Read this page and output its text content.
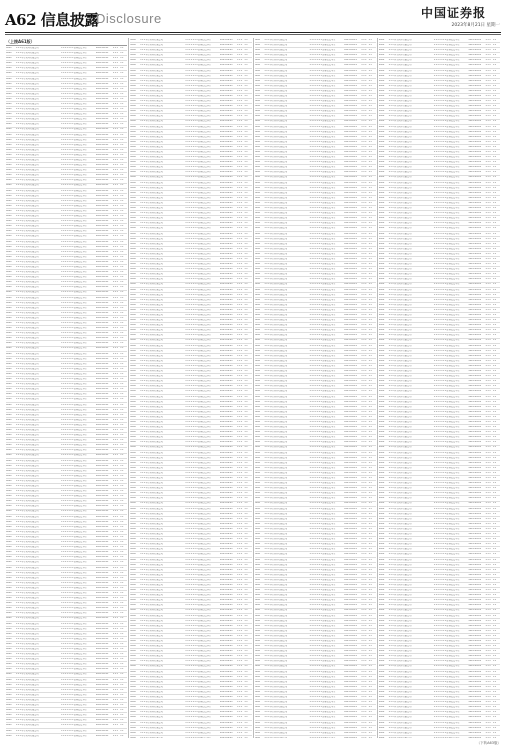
A62 信息披露
Disclosure	中国证券报
2023年8月21日 星期一
（上接A61版）
0000	×××基金管理有限公司	×××××××证券投资基金	2023-08-21	××× ××
0000	×××基金管理有限公司	×××××××证券投资基金	2023-08-21	××× ××
0000	×××基金管理有限公司	×××××××证券投资基金	2023-08-21	××× ××
0000	×××基金管理有限公司	×××××××证券投资基金	2023-08-21	××× ××
0000	×××基金管理有限公司	×××××××证券投资基金	2023-08-21	××× ××
0000	×××基金管理有限公司	×××××××证券投资基金	2023-08-21	××× ××
0000	×××基金管理有限公司	×××××××证券投资基金	2023-08-21	××× ××
0000	×××基金管理有限公司	×××××××证券投资基金	2023-08-21	××× ××
0000	×××基金管理有限公司	×××××××证券投资基金	2023-08-21	××× ××
0000	×××基金管理有限公司	×××××××证券投资基金	2023-08-21	××× ××
0000	×××基金管理有限公司	×××××××证券投资基金	2023-08-21	××× ××
0000	×××基金管理有限公司	×××××××证券投资基金	2023-08-21	××× ××
0000	×××基金管理有限公司	×××××××证券投资基金	2023-08-21	××× ××
0000	×××基金管理有限公司	×××××××证券投资基金	2023-08-21	××× ××
0000	×××基金管理有限公司	×××××××证券投资基金	2023-08-21	××× ××
0000	×××基金管理有限公司	×××××××证券投资基金	2023-08-21	××× ××
0000	×××基金管理有限公司	×××××××证券投资基金	2023-08-21	××× ××
0000	×××基金管理有限公司	×××××××证券投资基金	2023-08-21	××× ××
0000	×××基金管理有限公司	×××××××证券投资基金	2023-08-21	××× ××
0000	×××基金管理有限公司	×××××××证券投资基金	2023-08-21	××× ××
0000	×××基金管理有限公司	×××××××证券投资基金	2023-08-21	××× ××
0000	×××基金管理有限公司	×××××××证券投资基金	2023-08-21	××× ××
0000	×××基金管理有限公司	×××××××证券投资基金	2023-08-21	××× ××
0000	×××基金管理有限公司	×××××××证券投资基金	2023-08-21	××× ××
0000	×××基金管理有限公司	×××××××证券投资基金	2023-08-21	××× ××
0000	×××基金管理有限公司	×××××××证券投资基金	2023-08-21	××× ××
0000	×××基金管理有限公司	×××××××证券投资基金	2023-08-21	××× ××
0000	×××基金管理有限公司	×××××××证券投资基金	2023-08-21	××× ××
0000	×××基金管理有限公司	×××××××证券投资基金	2023-08-21	××× ××
0000	×××基金管理有限公司	×××××××证券投资基金	2023-08-21	××× ××
0000	×××基金管理有限公司	×××××××证券投资基金	2023-08-21	××× ××
0000	×××基金管理有限公司	×××××××证券投资基金	2023-08-21	××× ××
0000	×××基金管理有限公司	×××××××证券投资基金	2023-08-21	××× ××
0000	×××基金管理有限公司	×××××××证券投资基金	2023-08-21	××× ××
0000	×××基金管理有限公司	×××××××证券投资基金	2023-08-21	××× ××
0000	×××基金管理有限公司	×××××××证券投资基金	2023-08-21	××× ××
0000	×××基金管理有限公司	×××××××证券投资基金	2023-08-21	××× ××
0000	×××基金管理有限公司	×××××××证券投资基金	2023-08-21	××× ××
0000	×××基金管理有限公司	×××××××证券投资基金	2023-08-21	××× ××
0000	×××基金管理有限公司	×××××××证券投资基金	2023-08-21	××× ××
0000	×××基金管理有限公司	×××××××证券投资基金	2023-08-21	××× ××
0000	×××基金管理有限公司	×××××××证券投资基金	2023-08-21	××× ××
0000	×××基金管理有限公司	×××××××证券投资基金	2023-08-21	××× ××
0000	×××基金管理有限公司	×××××××证券投资基金	2023-08-21	××× ××
0000	×××基金管理有限公司	×××××××证券投资基金	2023-08-21	××× ××
0000	×××基金管理有限公司	×××××××证券投资基金	2023-08-21	××× ××
0000	×××基金管理有限公司	×××××××证券投资基金	2023-08-21	××× ××
0000	×××基金管理有限公司	×××××××证券投资基金	2023-08-21	××× ××
0000	×××基金管理有限公司	×××××××证券投资基金	2023-08-21	××× ××
0000	×××基金管理有限公司	×××××××证券投资基金	2023-08-21	××× ××
0000	×××基金管理有限公司	×××××××证券投资基金	2023-08-21	××× ××
0000	×××基金管理有限公司	×××××××证券投资基金	2023-08-21	××× ××
0000	×××基金管理有限公司	×××××××证券投资基金	2023-08-21	××× ××
0000	×××基金管理有限公司	×××××××证券投资基金	2023-08-21	××× ××
0000	×××基金管理有限公司	×××××××证券投资基金	2023-08-21	××× ××
0000	×××基金管理有限公司	×××××××证券投资基金	2023-08-21	××× ××
0000	×××基金管理有限公司	×××××××证券投资基金	2023-08-21	××× ××
0000	×××基金管理有限公司	×××××××证券投资基金	2023-08-21	××× ××
0000	×××基金管理有限公司	×××××××证券投资基金	2023-08-21	××× ××
0000	×××基金管理有限公司	×××××××证券投资基金	2023-08-21	××× ××
0000	×××基金管理有限公司	×××××××证券投资基金	2023-08-21	××× ××
0000	×××基金管理有限公司	×××××××证券投资基金	2023-08-21	××× ××
0000	×××基金管理有限公司	×××××××证券投资基金	2023-08-21	××× ××
0000	×××基金管理有限公司	×××××××证券投资基金	2023-08-21	××× ××
0000	×××基金管理有限公司	×××××××证券投资基金	2023-08-21	××× ××
0000	×××基金管理有限公司	×××××××证券投资基金	2023-08-21	××× ××
0000	×××基金管理有限公司	×××××××证券投资基金	2023-08-21	××× ××
0000	×××基金管理有限公司	×××××××证券投资基金	2023-08-21	××× ××
0000	×××基金管理有限公司	×××××××证券投资基金	2023-08-21	××× ××
0000	×××基金管理有限公司	×××××××证券投资基金	2023-08-21	××× ××
0000	×××基金管理有限公司	×××××××证券投资基金	2023-08-21	××× ××
0000	×××基金管理有限公司	×××××××证券投资基金	2023-08-21	××× ××
0000	×××基金管理有限公司	×××××××证券投资基金	2023-08-21	××× ××
0000	×××基金管理有限公司	×××××××证券投资基金	2023-08-21	××× ××
0000	×××基金管理有限公司	×××××××证券投资基金	2023-08-21	××× ××
0000	×××基金管理有限公司	×××××××证券投资基金	2023-08-21	××× ××
0000	×××基金管理有限公司	×××××××证券投资基金	2023-08-21	××× ××
0000	×××基金管理有限公司	×××××××证券投资基金	2023-08-21	××× ××
0000	×××基金管理有限公司	×××××××证券投资基金	2023-08-21	××× ××
0000	×××基金管理有限公司	×××××××证券投资基金	2023-08-21	××× ××
0000	×××基金管理有限公司	×××××××证券投资基金	2023-08-21	××× ××
0000	×××基金管理有限公司	×××××××证券投资基金	2023-08-21	××× ××
0000	×××基金管理有限公司	×××××××证券投资基金	2023-08-21	××× ××
0000	×××基金管理有限公司	×××××××证券投资基金	2023-08-21	××× ××
0000	×××基金管理有限公司	×××××××证券投资基金	2023-08-21	××× ××
0000	×××基金管理有限公司	×××××××证券投资基金	2023-08-21	××× ××
0000	×××基金管理有限公司	×××××××证券投资基金	2023-08-21	××× ××
0000	×××基金管理有限公司	×××××××证券投资基金	2023-08-21	××× ××
0000	×××基金管理有限公司	×××××××证券投资基金	2023-08-21	××× ××
0000	×××基金管理有限公司	×××××××证券投资基金	2023-08-21	××× ××
0000	×××基金管理有限公司	×××××××证券投资基金	2023-08-21	××× ××
0000	×××基金管理有限公司	×××××××证券投资基金	2023-08-21	××× ××
0000	×××基金管理有限公司	×××××××证券投资基金	2023-08-21	××× ××
0000	×××基金管理有限公司	×××××××证券投资基金	2023-08-21	××× ××
0000	×××基金管理有限公司	×××××××证券投资基金	2023-08-21	××× ××
0000	×××基金管理有限公司	×××××××证券投资基金	2023-08-21	××× ××
0000	×××基金管理有限公司	×××××××证券投资基金	2023-08-21	××× ××
0000	×××基金管理有限公司	×××××××证券投资基金	2023-08-21	××× ××
0000	×××基金管理有限公司	×××××××证券投资基金	2023-08-21	××× ××
0000	×××基金管理有限公司	×××××××证券投资基金	2023-08-21	××× ××
0000	×××基金管理有限公司	×××××××证券投资基金	2023-08-21	××× ××
0000	×××基金管理有限公司	×××××××证券投资基金	2023-08-21	××× ××
0000	×××基金管理有限公司	×××××××证券投资基金	2023-08-21	××× ××
0000	×××基金管理有限公司	×××××××证券投资基金	2023-08-21	××× ××
0000	×××基金管理有限公司	×××××××证券投资基金	2023-08-21	××× ××
0000	×××基金管理有限公司	×××××××证券投资基金	2023-08-21	××× ××
0000	×××基金管理有限公司	×××××××证券投资基金	2023-08-21	××× ××
0000	×××基金管理有限公司	×××××××证券投资基金	2023-08-21	××× ××
0000	×××基金管理有限公司	×××××××证券投资基金	2023-08-21	××× ××
0000	×××基金管理有限公司	×××××××证券投资基金	2023-08-21	××× ××
0000	×××基金管理有限公司	×××××××证券投资基金	2023-08-21	××× ××
0000	×××基金管理有限公司	×××××××证券投资基金	2023-08-21	××× ××
0000	×××基金管理有限公司	×××××××证券投资基金	2023-08-21	××× ××
0000	×××基金管理有限公司	×××××××证券投资基金	2023-08-21	××× ××
0000	×××基金管理有限公司	×××××××证券投资基金	2023-08-21	××× ××
0000	×××基金管理有限公司	×××××××证券投资基金	2023-08-21	××× ××
0000	×××基金管理有限公司	×××××××证券投资基金	2023-08-21	××× ××
0000	×××基金管理有限公司	×××××××证券投资基金	2023-08-21	××× ××
0000	×××基金管理有限公司	×××××××证券投资基金	2023-08-21	××× ××
0000	×××基金管理有限公司	×××××××证券投资基金	2023-08-21	××× ××
0000	×××基金管理有限公司	×××××××证券投资基金	2023-08-21	××× ××
0000	×××基金管理有限公司	×××××××证券投资基金	2023-08-21	××× ××
0000	×××基金管理有限公司	×××××××证券投资基金	2023-08-21	××× ××
0000	×××基金管理有限公司	×××××××证券投资基金	2023-08-21	××× ××
0000	×××基金管理有限公司	×××××××证券投资基金	2023-08-21	××× ××
0000	×××基金管理有限公司	×××××××证券投资基金	2023-08-21	××× ××
0000	×××基金管理有限公司	×××××××证券投资基金	2023-08-21	××× ××
0000	×××基金管理有限公司	×××××××证券投资基金	2023-08-21	××× ××
0000	×××基金管理有限公司	×××××××证券投资基金	2023-08-21	××× ××
0000	×××基金管理有限公司	×××××××证券投资基金	2023-08-21	××× ××
0000	×××基金管理有限公司	×××××××证券投资基金	2023-08-21	××× ××
0000	×××基金管理有限公司	×××××××证券投资基金	2023-08-21	××× ××
0000	×××基金管理有限公司	×××××××证券投资基金	2023-08-21	××× ××
0000	×××基金管理有限公司	×××××××证券投资基金	2023-08-21	××× ××
0000	×××基金管理有限公司	×××××××证券投资基金	2023-08-21	××× ××
0000	×××基金管理有限公司	×××××××证券投资基金	2023-08-21	××× ××
0000	×××基金管理有限公司	×××××××证券投资基金	2023-08-21	××× ××
0000	×××基金管理有限公司	×××××××证券投资基金	2023-08-21	××× ××
0000	×××基金管理有限公司	×××××××证券投资基金	2023-08-21	××× ××
0000	×××基金管理有限公司	×××××××证券投资基金	2023-08-21	××× ××
0000	×××基金管理有限公司	×××××××证券投资基金	2023-08-21	××× ××
0000	×××基金管理有限公司	×××××××证券投资基金	2023-08-21	××× ××
0000	×××基金管理有限公司	×××××××证券投资基金	2023-08-21	××× ××
0000	×××基金管理有限公司	×××××××证券投资基金	2023-08-21	××× ××
0000	×××基金管理有限公司	×××××××证券投资基金	2023-08-21	××× ××
0000	×××基金管理有限公司	×××××××证券投资基金	2023-08-21	××× ××
0000	×××基金管理有限公司	×××××××证券投资基金	2023-08-21	××× ××
0000	×××基金管理有限公司	×××××××证券投资基金	2023-08-21	××× ××
0000	×××基金管理有限公司	×××××××证券投资基金	2023-08-21	××× ××
0000	×××基金管理有限公司	×××××××证券投资基金	2023-08-21	××× ××
0000	×××基金管理有限公司	×××××××证券投资基金	2023-08-21	××× ××
0000	×××基金管理有限公司	×××××××证券投资基金	2023-08-21	××× ××
0000	×××基金管理有限公司	×××××××证券投资基金	2023-08-21	××× ××
0000	×××基金管理有限公司	×××××××证券投资基金	2023-08-21	××× ××
0000	×××基金管理有限公司	×××××××证券投资基金	2023-08-21	××× ××
0000	×××基金管理有限公司	×××××××证券投资基金	2023-08-21	××× ××
0000	×××基金管理有限公司	×××××××证券投资基金	2023-08-21	××× ××
0000	×××基金管理有限公司	×××××××证券投资基金	2023-08-21	××× ××
0000	×××基金管理有限公司	×××××××证券投资基金	2023-08-21	××× ××
0000	×××基金管理有限公司	×××××××证券投资基金	2023-08-21	××× ××
0000	×××基金管理有限公司	×××××××证券投资基金	2023-08-21	××× ××
0000	×××基金管理有限公司	×××××××证券投资基金	2023-08-21	××× ××
0000	×××基金管理有限公司	×××××××证券投资基金	2023-08-21	××× ××
0000	×××基金管理有限公司	×××××××证券投资基金	2023-08-21	××× ××
0000	×××基金管理有限公司	×××××××证券投资基金	2023-08-21	××× ××
0000	×××基金管理有限公司	×××××××证券投资基金	2023-08-21	××× ××
0000	×××基金管理有限公司	×××××××证券投资基金	2023-08-21	××× ××
0000	×××基金管理有限公司	×××××××证券投资基金	2023-08-21	××× ××
0000	×××基金管理有限公司	×××××××证券投资基金	2023-08-21	××× ××
0000	×××基金管理有限公司	×××××××证券投资基金	2023-08-21	××× ××
0000	×××基金管理有限公司	×××××××证券投资基金	2023-08-21	××× ××
0000	×××基金管理有限公司	×××××××证券投资基金	2023-08-21	××× ××
0000	×××基金管理有限公司	×××××××证券投资基金	2023-08-21	××× ××
0000	×××基金管理有限公司	×××××××证券投资基金	2023-08-21	××× ××
0000	×××基金管理有限公司	×××××××证券投资基金	2023-08-21	××× ××
0000	×××基金管理有限公司	×××××××证券投资基金	2023-08-21	××× ××
0000	×××基金管理有限公司	×××××××证券投资基金	2023-08-21	××× ××
0000	×××基金管理有限公司	×××××××证券投资基金	2023-08-21	××× ××
0000	×××基金管理有限公司	×××××××证券投资基金	2023-08-21	××× ××
0000	×××基金管理有限公司	×××××××证券投资基金	2023-08-21	××× ××
0000	×××基金管理有限公司	×××××××证券投资基金	2023-08-21	××× ××
0000	×××基金管理有限公司	×××××××证券投资基金	2023-08-21	××× ××
0000	×××基金管理有限公司	×××××××证券投资基金	2023-08-21	××× ××
0000	×××基金管理有限公司	×××××××证券投资基金	2023-08-21	××× ××
0000	×××基金管理有限公司	×××××××证券投资基金	2023-08-21	××× ××
0000	×××基金管理有限公司	×××××××证券投资基金	2023-08-21	××× ××
0000	×××基金管理有限公司	×××××××证券投资基金	2023-08-21	××× ××
0000	×××基金管理有限公司	×××××××证券投资基金	2023-08-21	××× ××
0000	×××基金管理有限公司	×××××××证券投资基金	2023-08-21	××× ××
0000	×××基金管理有限公司	×××××××证券投资基金	2023-08-21	××× ××
0000	×××基金管理有限公司	×××××××证券投资基金	2023-08-21	××× ××
0000	×××基金管理有限公司	×××××××证券投资基金	2023-08-21	××× ××
0000	×××基金管理有限公司	×××××××证券投资基金	2023-08-21	××× ××
0000	×××基金管理有限公司	×××××××证券投资基金	2023-08-21	××× ××
0000	×××基金管理有限公司	×××××××证券投资基金	2023-08-21	××× ××
0000	×××基金管理有限公司	×××××××证券投资基金	2023-08-21	××× ××
0000	×××基金管理有限公司	×××××××证券投资基金	2023-08-21	××× ××
0000	×××基金管理有限公司	×××××××证券投资基金	2023-08-21	××× ××
0000	×××基金管理有限公司	×××××××证券投资基金	2023-08-21	××× ××
0000	×××基金管理有限公司	×××××××证券投资基金	2023-08-21	××× ××
0000	×××基金管理有限公司	×××××××证券投资基金	2023-08-21	××× ××
0000	×××基金管理有限公司	×××××××证券投资基金	2023-08-21	××× ××
0000	×××基金管理有限公司	×××××××证券投资基金	2023-08-21	××× ××
0000	×××基金管理有限公司	×××××××证券投资基金	2023-08-21	××× ××
0000	×××基金管理有限公司	×××××××证券投资基金	2023-08-21	××× ××
0000	×××基金管理有限公司	×××××××证券投资基金	2023-08-21	××× ××
0000	×××基金管理有限公司	×××××××证券投资基金	2023-08-21	××× ××
0000	×××基金管理有限公司	×××××××证券投资基金	2023-08-21	××× ××
0000	×××基金管理有限公司	×××××××证券投资基金	2023-08-21	××× ××
0000	×××基金管理有限公司	×××××××证券投资基金	2023-08-21	××× ××
0000	×××基金管理有限公司	×××××××证券投资基金	2023-08-21	××× ××
0000	×××基金管理有限公司	×××××××证券投资基金	2023-08-21	××× ××
0000	×××基金管理有限公司	×××××××证券投资基金	2023-08-21	××× ××
0000	×××基金管理有限公司	×××××××证券投资基金	2023-08-21	××× ××
0000	×××基金管理有限公司	×××××××证券投资基金	2023-08-21	××× ××
0000	×××基金管理有限公司	×××××××证券投资基金	2023-08-21	××× ××
0000	×××基金管理有限公司	×××××××证券投资基金	2023-08-21	××× ××
0000	×××基金管理有限公司	×××××××证券投资基金	2023-08-21	××× ××
0000	×××基金管理有限公司	×××××××证券投资基金	2023-08-21	××× ××
0000	×××基金管理有限公司	×××××××证券投资基金	2023-08-21	××× ××
0000	×××基金管理有限公司	×××××××证券投资基金	2023-08-21	××× ××
0000	×××基金管理有限公司	×××××××证券投资基金	2023-08-21	××× ××
0000	×××基金管理有限公司	×××××××证券投资基金	2023-08-21	××× ××
0000	×××基金管理有限公司	×××××××证券投资基金	2023-08-21	××× ××
0000	×××基金管理有限公司	×××××××证券投资基金	2023-08-21	××× ××
0000	×××基金管理有限公司	×××××××证券投资基金	2023-08-21	××× ××
0000	×××基金管理有限公司	×××××××证券投资基金	2023-08-21	××× ××
0000	×××基金管理有限公司	×××××××证券投资基金	2023-08-21	××× ××
0000	×××基金管理有限公司	×××××××证券投资基金	2023-08-21	××× ××
0000	×××基金管理有限公司	×××××××证券投资基金	2023-08-21	××× ××
0000	×××基金管理有限公司	×××××××证券投资基金	2023-08-21	××× ××
0000	×××基金管理有限公司	×××××××证券投资基金	2023-08-21	××× ××
0000	×××基金管理有限公司	×××××××证券投资基金	2023-08-21	××× ××
0000	×××基金管理有限公司	×××××××证券投资基金	2023-08-21	××× ××
0000	×××基金管理有限公司	×××××××证券投资基金	2023-08-21	××× ××
0000	×××基金管理有限公司	×××××××证券投资基金	2023-08-21	××× ××
0000	×××基金管理有限公司	×××××××证券投资基金	2023-08-21	××× ××
0000	×××基金管理有限公司	×××××××证券投资基金	2023-08-21	××× ××
0000	×××基金管理有限公司	×××××××证券投资基金	2023-08-21	××× ××
0000	×××基金管理有限公司	×××××××证券投资基金	2023-08-21	××× ××
0000	×××基金管理有限公司	×××××××证券投资基金	2023-08-21	××× ××
0000	×××基金管理有限公司	×××××××证券投资基金	2023-08-21	××× ××
0000	×××基金管理有限公司	×××××××证券投资基金	2023-08-21	××× ××
0000	×××基金管理有限公司	×××××××证券投资基金	2023-08-21	××× ××
0000	×××基金管理有限公司	×××××××证券投资基金	2023-08-21	××× ××
0000	×××基金管理有限公司	×××××××证券投资基金	2023-08-21	××× ××
0000	×××基金管理有限公司	×××××××证券投资基金	2023-08-21	××× ××
0000	×××基金管理有限公司	×××××××证券投资基金	2023-08-21	××× ××
0000	×××基金管理有限公司	×××××××证券投资基金	2023-08-21	××× ××
0000	×××基金管理有限公司	×××××××证券投资基金	2023-08-21	××× ××
0000	×××基金管理有限公司	×××××××证券投资基金	2023-08-21	××× ××
0000	×××基金管理有限公司	×××××××证券投资基金	2023-08-21	××× ××
0000	×××基金管理有限公司	×××××××证券投资基金	2023-08-21	××× ××
0000	×××基金管理有限公司	×××××××证券投资基金	2023-08-21	××× ××
0000	×××基金管理有限公司	×××××××证券投资基金	2023-08-21	××× ××
0000	×××基金管理有限公司	×××××××证券投资基金	2023-08-21	××× ××
0000	×××基金管理有限公司	×××××××证券投资基金	2023-08-21	××× ××
0000	×××基金管理有限公司	×××××××证券投资基金	2023-08-21	××× ××
0000	×××基金管理有限公司	×××××××证券投资基金	2023-08-21	××× ××
0000	×××基金管理有限公司	×××××××证券投资基金	2023-08-21	××× ××
0000	×××基金管理有限公司	×××××××证券投资基金	2023-08-21	××× ××
0000	×××基金管理有限公司	×××××××证券投资基金	2023-08-21	××× ××
0000	×××基金管理有限公司	×××××××证券投资基金	2023-08-21	××× ××
0000	×××基金管理有限公司	×××××××证券投资基金	2023-08-21	××× ××
0000	×××基金管理有限公司	×××××××证券投资基金	2023-08-21	××× ××
0000	×××基金管理有限公司	×××××××证券投资基金	2023-08-21	××× ××
0000	×××基金管理有限公司	×××××××证券投资基金	2023-08-21	××× ××
0000	×××基金管理有限公司	×××××××证券投资基金	2023-08-21	××× ××
0000	×××基金管理有限公司	×××××××证券投资基金	2023-08-21	××× ××
0000	×××基金管理有限公司	×××××××证券投资基金	2023-08-21	××× ××
0000	×××基金管理有限公司	×××××××证券投资基金	2023-08-21	××× ××
0000	×××基金管理有限公司	×××××××证券投资基金	2023-08-21	××× ××
0000	×××基金管理有限公司	×××××××证券投资基金	2023-08-21	××× ××
0000	×××基金管理有限公司	×××××××证券投资基金	2023-08-21	××× ××
0000	×××基金管理有限公司	×××××××证券投资基金	2023-08-21	××× ××
0000	×××基金管理有限公司	×××××××证券投资基金	2023-08-21	××× ××
0000	×××基金管理有限公司	×××××××证券投资基金	2023-08-21	××× ××
0000	×××基金管理有限公司	×××××××证券投资基金	2023-08-21	××× ××
0000	×××基金管理有限公司	×××××××证券投资基金	2023-08-21	××× ××
0000	×××基金管理有限公司	×××××××证券投资基金	2023-08-21	××× ××
0000	×××基金管理有限公司	×××××××证券投资基金	2023-08-21	××× ××
0000	×××基金管理有限公司	×××××××证券投资基金	2023-08-21	××× ××
0000	×××基金管理有限公司	×××××××证券投资基金	2023-08-21	××× ××
0000	×××基金管理有限公司	×××××××证券投资基金	2023-08-21	××× ××
0000	×××基金管理有限公司	×××××××证券投资基金	2023-08-21	××× ××
0000	×××基金管理有限公司	×××××××证券投资基金	2023-08-21	××× ××
0000	×××基金管理有限公司	×××××××证券投资基金	2023-08-21	××× ××
0000	×××基金管理有限公司	×××××××证券投资基金	2023-08-21	××× ××
0000	×××基金管理有限公司	×××××××证券投资基金	2023-08-21	××× ××
0000	×××基金管理有限公司	×××××××证券投资基金	2023-08-21	××× ××
0000	×××基金管理有限公司	×××××××证券投资基金	2023-08-21	××× ××
0000	×××基金管理有限公司	×××××××证券投资基金	2023-08-21	××× ××
0000	×××基金管理有限公司	×××××××证券投资基金	2023-08-21	××× ××
0000	×××基金管理有限公司	×××××××证券投资基金	2023-08-21	××× ××
0000	×××基金管理有限公司	×××××××证券投资基金	2023-08-21	××× ××
0000	×××基金管理有限公司	×××××××证券投资基金	2023-08-21	××× ××
0000	×××基金管理有限公司	×××××××证券投资基金	2023-08-21	××× ××
0000	×××基金管理有限公司	×××××××证券投资基金	2023-08-21	××× ××
0000	×××基金管理有限公司	×××××××证券投资基金	2023-08-21	××× ××
0000	×××基金管理有限公司	×××××××证券投资基金	2023-08-21	××× ××
0000	×××基金管理有限公司	×××××××证券投资基金	2023-08-21	××× ××
0000	×××基金管理有限公司	×××××××证券投资基金	2023-08-21	××× ××
0000	×××基金管理有限公司	×××××××证券投资基金	2023-08-21	××× ××
0000	×××基金管理有限公司	×××××××证券投资基金	2023-08-21	××× ××
0000	×××基金管理有限公司	×××××××证券投资基金	2023-08-21	××× ××
0000	×××基金管理有限公司	×××××××证券投资基金	2023-08-21	××× ××
0000	×××基金管理有限公司	×××××××证券投资基金	2023-08-21	××× ××
0000	×××基金管理有限公司	×××××××证券投资基金	2023-08-21	××× ××
0000	×××基金管理有限公司	×××××××证券投资基金	2023-08-21	××× ××
0000	×××基金管理有限公司	×××××××证券投资基金	2023-08-21	××× ××
0000	×××基金管理有限公司	×××××××证券投资基金	2023-08-21	××× ××
0000	×××基金管理有限公司	×××××××证券投资基金	2023-08-21	××× ××
0000	×××基金管理有限公司	×××××××证券投资基金	2023-08-21	××× ××
0000	×××基金管理有限公司	×××××××证券投资基金	2023-08-21	××× ××
0000	×××基金管理有限公司	×××××××证券投资基金	2023-08-21	××× ××
0000	×××基金管理有限公司	×××××××证券投资基金	2023-08-21	××× ××
0000	×××基金管理有限公司	×××××××证券投资基金	2023-08-21	××× ××
0000	×××基金管理有限公司	×××××××证券投资基金	2023-08-21	××× ××
0000	×××基金管理有限公司	×××××××证券投资基金	2023-08-21	××× ××
0000	×××基金管理有限公司	×××××××证券投资基金	2023-08-21	××× ××
0000	×××基金管理有限公司	×××××××证券投资基金	2023-08-21	××× ××
0000	×××基金管理有限公司	×××××××证券投资基金	2023-08-21	××× ××
0000	×××基金管理有限公司	×××××××证券投资基金	2023-08-21	××× ××
0000	×××基金管理有限公司	×××××××证券投资基金	2023-08-21	××× ××
0000	×××基金管理有限公司	×××××××证券投资基金	2023-08-21	××× ××
0000	×××基金管理有限公司	×××××××证券投资基金	2023-08-21	××× ××
0000	×××基金管理有限公司	×××××××证券投资基金	2023-08-21	××× ××
0000	×××基金管理有限公司	×××××××证券投资基金	2023-08-21	××× ××
0000	×××基金管理有限公司	×××××××证券投资基金	2023-08-21	××× ××
0000	×××基金管理有限公司	×××××××证券投资基金	2023-08-21	××× ××
0000	×××基金管理有限公司	×××××××证券投资基金	2023-08-21	××× ××
0000	×××基金管理有限公司	×××××××证券投资基金	2023-08-21	××× ××
0000	×××基金管理有限公司	×××××××证券投资基金	2023-08-21	××× ××
0000	×××基金管理有限公司	×××××××证券投资基金	2023-08-21	××× ××
0000	×××基金管理有限公司	×××××××证券投资基金	2023-08-21	××× ××
0000	×××基金管理有限公司	×××××××证券投资基金	2023-08-21	××× ××
0000	×××基金管理有限公司	×××××××证券投资基金	2023-08-21	××× ××
0000	×××基金管理有限公司	×××××××证券投资基金	2023-08-21	××× ××
0000	×××基金管理有限公司	×××××××证券投资基金	2023-08-21	××× ××
0000	×××基金管理有限公司	×××××××证券投资基金	2023-08-21	××× ××
0000	×××基金管理有限公司	×××××××证券投资基金	2023-08-21	××× ××
0000	×××基金管理有限公司	×××××××证券投资基金	2023-08-21	××× ××
0000	×××基金管理有限公司	×××××××证券投资基金	2023-08-21	××× ××
0000	×××基金管理有限公司	×××××××证券投资基金	2023-08-21	××× ××
0000	×××基金管理有限公司	×××××××证券投资基金	2023-08-21	××× ××
0000	×××基金管理有限公司	×××××××证券投资基金	2023-08-21	××× ××
0000	×××基金管理有限公司	×××××××证券投资基金	2023-08-21	××× ××
0000	×××基金管理有限公司	×××××××证券投资基金	2023-08-21	××× ××
0000	×××基金管理有限公司	×××××××证券投资基金	2023-08-21	××× ××
0000	×××基金管理有限公司	×××××××证券投资基金	2023-08-21	××× ××
0000	×××基金管理有限公司	×××××××证券投资基金	2023-08-21	××× ××
0000	×××基金管理有限公司	×××××××证券投资基金	2023-08-21	××× ××
0000	×××基金管理有限公司	×××××××证券投资基金	2023-08-21	××× ××
0000	×××基金管理有限公司	×××××××证券投资基金	2023-08-21	××× ××
0000	×××基金管理有限公司	×××××××证券投资基金	2023-08-21	××× ××
0000	×××基金管理有限公司	×××××××证券投资基金	2023-08-21	××× ××
0000	×××基金管理有限公司	×××××××证券投资基金	2023-08-21	××× ××
0000	×××基金管理有限公司	×××××××证券投资基金	2023-08-21	××× ××
0000	×××基金管理有限公司	×××××××证券投资基金	2023-08-21	××× ××
0000	×××基金管理有限公司	×××××××证券投资基金	2023-08-21	××× ××
0000	×××基金管理有限公司	×××××××证券投资基金	2023-08-21	××× ××
0000	×××基金管理有限公司	×××××××证券投资基金	2023-08-21	××× ××
0000	×××基金管理有限公司	×××××××证券投资基金	2023-08-21	××× ××
0000	×××基金管理有限公司	×××××××证券投资基金	2023-08-21	××× ××
0000	×××基金管理有限公司	×××××××证券投资基金	2023-08-21	××× ××
0000	×××基金管理有限公司	×××××××证券投资基金	2023-08-21	××× ××
0000	×××基金管理有限公司	×××××××证券投资基金	2023-08-21	××× ××
0000	×××基金管理有限公司	×××××××证券投资基金	2023-08-21	××× ××
0000	×××基金管理有限公司	×××××××证券投资基金	2023-08-21	××× ××
0000	×××基金管理有限公司	×××××××证券投资基金	2023-08-21	××× ××
0000	×××基金管理有限公司	×××××××证券投资基金	2023-08-21	××× ××
0000	×××基金管理有限公司	×××××××证券投资基金	2023-08-21	××× ××
0000	×××基金管理有限公司	×××××××证券投资基金	2023-08-21	××× ××
0000	×××基金管理有限公司	×××××××证券投资基金	2023-08-21	××× ××
0000	×××基金管理有限公司	×××××××证券投资基金	2023-08-21	××× ××
0000	×××基金管理有限公司	×××××××证券投资基金	2023-08-21	××× ××
0000	×××基金管理有限公司	×××××××证券投资基金	2023-08-21	××× ××
0000	×××基金管理有限公司	×××××××证券投资基金	2023-08-21	××× ××
0000	×××基金管理有限公司	×××××××证券投资基金	2023-08-21	××× ××
0000	×××基金管理有限公司	×××××××证券投资基金	2023-08-21	××× ××
0000	×××基金管理有限公司	×××××××证券投资基金	2023-08-21	××× ××
0000	×××基金管理有限公司	×××××××证券投资基金	2023-08-21	××× ××
0000	×××基金管理有限公司	×××××××证券投资基金	2023-08-21	××× ××
0000	×××基金管理有限公司	×××××××证券投资基金	2023-08-21	××× ××
0000	×××基金管理有限公司	×××××××证券投资基金	2023-08-21	××× ××
0000	×××基金管理有限公司	×××××××证券投资基金	2023-08-21	××× ××
0000	×××基金管理有限公司	×××××××证券投资基金	2023-08-21	××× ××
0000	×××基金管理有限公司	×××××××证券投资基金	2023-08-21	××× ××
0000	×××基金管理有限公司	×××××××证券投资基金	2023-08-21	××× ××
0000	×××基金管理有限公司	×××××××证券投资基金	2023-08-21	××× ××
0000	×××基金管理有限公司	×××××××证券投资基金	2023-08-21	××× ××
0000	×××基金管理有限公司	×××××××证券投资基金	2023-08-21	××× ××
0000	×××基金管理有限公司	×××××××证券投资基金	2023-08-21	××× ××
0000	×××基金管理有限公司	×××××××证券投资基金	2023-08-21	××× ××
0000	×××基金管理有限公司	×××××××证券投资基金	2023-08-21	××× ××
0000	×××基金管理有限公司	×××××××证券投资基金	2023-08-21	××× ××
0000	×××基金管理有限公司	×××××××证券投资基金	2023-08-21	××× ××
0000	×××基金管理有限公司	×××××××证券投资基金	2023-08-21	××× ××
0000	×××基金管理有限公司	×××××××证券投资基金	2023-08-21	××× ××
0000	×××基金管理有限公司	×××××××证券投资基金	2023-08-21	××× ××
0000	×××基金管理有限公司	×××××××证券投资基金	2023-08-21	××× ××
0000	×××基金管理有限公司	×××××××证券投资基金	2023-08-21	××× ××
0000	×××基金管理有限公司	×××××××证券投资基金	2023-08-21	××× ××
0000	×××基金管理有限公司	×××××××证券投资基金	2023-08-21	××× ××
0000	×××基金管理有限公司	×××××××证券投资基金	2023-08-21	××× ××
0000	×××基金管理有限公司	×××××××证券投资基金	2023-08-21	××× ××
0000	×××基金管理有限公司	×××××××证券投资基金	2023-08-21	××× ××
0000	×××基金管理有限公司	×××××××证券投资基金	2023-08-21	××× ××
0000	×××基金管理有限公司	×××××××证券投资基金	2023-08-21	××× ××
0000	×××基金管理有限公司	×××××××证券投资基金	2023-08-21	××× ××
0000	×××基金管理有限公司	×××××××证券投资基金	2023-08-21	××× ××
0000	×××基金管理有限公司	×××××××证券投资基金	2023-08-21	××× ××
0000	×××基金管理有限公司	×××××××证券投资基金	2023-08-21	××× ××
0000	×××基金管理有限公司	×××××××证券投资基金	2023-08-21	××× ××
0000	×××基金管理有限公司	×××××××证券投资基金	2023-08-21	××× ××
0000	×××基金管理有限公司	×××××××证券投资基金	2023-08-21	××× ××
0000	×××基金管理有限公司	×××××××证券投资基金	2023-08-21	××× ××
0000	×××基金管理有限公司	×××××××证券投资基金	2023-08-21	××× ××
0000	×××基金管理有限公司	×××××××证券投资基金	2023-08-21	××× ××
0000	×××基金管理有限公司	×××××××证券投资基金	2023-08-21	××× ××
0000	×××基金管理有限公司	×××××××证券投资基金	2023-08-21	××× ××
0000	×××基金管理有限公司	×××××××证券投资基金	2023-08-21	××× ××
0000	×××基金管理有限公司	×××××××证券投资基金	2023-08-21	××× ××
0000	×××基金管理有限公司	×××××××证券投资基金	2023-08-21	××× ××
0000	×××基金管理有限公司	×××××××证券投资基金	2023-08-21	××× ××
0000	×××基金管理有限公司	×××××××证券投资基金	2023-08-21	××× ××
0000	×××基金管理有限公司	×××××××证券投资基金	2023-08-21	××× ××
0000	×××基金管理有限公司	×××××××证券投资基金	2023-08-21	××× ××
0000	×××基金管理有限公司	×××××××证券投资基金	2023-08-21	××× ××
0000	×××基金管理有限公司	×××××××证券投资基金	2023-08-21	××× ××
0000	×××基金管理有限公司	×××××××证券投资基金	2023-08-21	××× ××
0000	×××基金管理有限公司	×××××××证券投资基金	2023-08-21	××× ××
0000	×××基金管理有限公司	×××××××证券投资基金	2023-08-21	××× ××
0000	×××基金管理有限公司	×××××××证券投资基金	2023-08-21	××× ××
0000	×××基金管理有限公司	×××××××证券投资基金	2023-08-21	××× ××
0000	×××基金管理有限公司	×××××××证券投资基金	2023-08-21	××× ××
0000	×××基金管理有限公司	×××××××证券投资基金	2023-08-21	××× ××
0000	×××基金管理有限公司	×××××××证券投资基金	2023-08-21	××× ××
0000	×××基金管理有限公司	×××××××证券投资基金	2023-08-21	××× ××
0000	×××基金管理有限公司	×××××××证券投资基金	2023-08-21	××× ××
0000	×××基金管理有限公司	×××××××证券投资基金	2023-08-21	××× ××
0000	×××基金管理有限公司	×××××××证券投资基金	2023-08-21	××× ××
0000	×××基金管理有限公司	×××××××证券投资基金	2023-08-21	××× ××
0000	×××基金管理有限公司	×××××××证券投资基金	2023-08-21	××× ××
0000	×××基金管理有限公司	×××××××证券投资基金	2023-08-21	××× ××
0000	×××基金管理有限公司	×××××××证券投资基金	2023-08-21	××× ××
0000	×××基金管理有限公司	×××××××证券投资基金	2023-08-21	××× ××
0000	×××基金管理有限公司	×××××××证券投资基金	2023-08-21	××× ××
0000	×××基金管理有限公司	×××××××证券投资基金	2023-08-21	××× ××
0000	×××基金管理有限公司	×××××××证券投资基金	2023-08-21	××× ××
0000	×××基金管理有限公司	×××××××证券投资基金	2023-08-21	××× ××
0000	×××基金管理有限公司	×××××××证券投资基金	2023-08-21	××× ××
0000	×××基金管理有限公司	×××××××证券投资基金	2023-08-21	××× ××
0000	×××基金管理有限公司	×××××××证券投资基金	2023-08-21	××× ××
0000	×××基金管理有限公司	×××××××证券投资基金	2023-08-21	××× ××
0000	×××基金管理有限公司	×××××××证券投资基金	2023-08-21	××× ××
0000	×××基金管理有限公司	×××××××证券投资基金	2023-08-21	××× ××
0000	×××基金管理有限公司	×××××××证券投资基金	2023-08-21	××× ××
0000	×××基金管理有限公司	×××××××证券投资基金	2023-08-21	××× ××
0000	×××基金管理有限公司	×××××××证券投资基金	2023-08-21	××× ××
0000	×××基金管理有限公司	×××××××证券投资基金	2023-08-21	××× ××
0000	×××基金管理有限公司	×××××××证券投资基金	2023-08-21	××× ××
0000	×××基金管理有限公司	×××××××证券投资基金	2023-08-21	××× ××
0000	×××基金管理有限公司	×××××××证券投资基金	2023-08-21	××× ××
0000	×××基金管理有限公司	×××××××证券投资基金	2023-08-21	××× ××
0000	×××基金管理有限公司	×××××××证券投资基金	2023-08-21	××× ××
0000	×××基金管理有限公司	×××××××证券投资基金	2023-08-21	××× ××
0000	×××基金管理有限公司	×××××××证券投资基金	2023-08-21	××× ××
0000	×××基金管理有限公司	×××××××证券投资基金	2023-08-21	××× ××
0000	×××基金管理有限公司	×××××××证券投资基金	2023-08-21	××× ××
0000	×××基金管理有限公司	×××××××证券投资基金	2023-08-21	××× ××
0000	×××基金管理有限公司	×××××××证券投资基金	2023-08-21	××× ××
0000	×××基金管理有限公司	×××××××证券投资基金	2023-08-21	××× ××
0000	×××基金管理有限公司	×××××××证券投资基金	2023-08-21	××× ××
0000	×××基金管理有限公司	×××××××证券投资基金	2023-08-21	××× ××
0000	×××基金管理有限公司	×××××××证券投资基金	2023-08-21	××× ××
0000	×××基金管理有限公司	×××××××证券投资基金	2023-08-21	××× ××
0000	×××基金管理有限公司	×××××××证券投资基金	2023-08-21	××× ××
0000	×××基金管理有限公司	×××××××证券投资基金	2023-08-21	××× ××
0000	×××基金管理有限公司	×××××××证券投资基金	2023-08-21	××× ××
0000	×××基金管理有限公司	×××××××证券投资基金	2023-08-21	××× ××
0000	×××基金管理有限公司	×××××××证券投资基金	2023-08-21	××× ××
0000	×××基金管理有限公司	×××××××证券投资基金	2023-08-21	××× ××
0000	×××基金管理有限公司	×××××××证券投资基金	2023-08-21	××× ××
0000	×××基金管理有限公司	×××××××证券投资基金	2023-08-21	××× ××
0000	×××基金管理有限公司	×××××××证券投资基金	2023-08-21	××× ××
0000	×××基金管理有限公司	×××××××证券投资基金	2023-08-21	××× ××
0000	×××基金管理有限公司	×××××××证券投资基金	2023-08-21	××× ××
0000	×××基金管理有限公司	×××××××证券投资基金	2023-08-21	××× ××
0000	×××基金管理有限公司	×××××××证券投资基金	2023-08-21	××× ××
0000	×××基金管理有限公司	×××××××证券投资基金	2023-08-21	××× ××
0000	×××基金管理有限公司	×××××××证券投资基金	2023-08-21	××× ××
0000	×××基金管理有限公司	×××××××证券投资基金	2023-08-21	××× ××
0000	×××基金管理有限公司	×××××××证券投资基金	2023-08-21	××× ××
0000	×××基金管理有限公司	×××××××证券投资基金	2023-08-21	××× ××
0000	×××基金管理有限公司	×××××××证券投资基金	2023-08-21	××× ××
0000	×××基金管理有限公司	×××××××证券投资基金	2023-08-21	××× ××
0000	×××基金管理有限公司	×××××××证券投资基金	2023-08-21	××× ××
0000	×××基金管理有限公司	×××××××证券投资基金	2023-08-21	××× ××
0000	×××基金管理有限公司	×××××××证券投资基金	2023-08-21	××× ××
0000	×××基金管理有限公司	×××××××证券投资基金	2023-08-21	××× ××
0000	×××基金管理有限公司	×××××××证券投资基金	2023-08-21	××× ××
0000	×××基金管理有限公司	×××××××证券投资基金	2023-08-21	××× ××
0000	×××基金管理有限公司	×××××××证券投资基金	2023-08-21	××× ××
0000	×××基金管理有限公司	×××××××证券投资基金	2023-08-21	××× ××
0000	×××基金管理有限公司	×××××××证券投资基金	2023-08-21	××× ××
0000	×××基金管理有限公司	×××××××证券投资基金	2023-08-21	××× ××
0000	×××基金管理有限公司	×××××××证券投资基金	2023-08-21	××× ××
0000	×××基金管理有限公司	×××××××证券投资基金	2023-08-21	××× ××
0000	×××基金管理有限公司	×××××××证券投资基金	2023-08-21	××× ××
0000	×××基金管理有限公司	×××××××证券投资基金	2023-08-21	××× ××
0000	×××基金管理有限公司	×××××××证券投资基金	2023-08-21	××× ××
0000	×××基金管理有限公司	×××××××证券投资基金	2023-08-21	××× ××
0000	×××基金管理有限公司	×××××××证券投资基金	2023-08-21	××× ××
0000	×××基金管理有限公司	×××××××证券投资基金	2023-08-21	××× ××
0000	×××基金管理有限公司	×××××××证券投资基金	2023-08-21	××× ××
0000	×××基金管理有限公司	×××××××证券投资基金	2023-08-21	××× ××
0000	×××基金管理有限公司	×××××××证券投资基金	2023-08-21	××× ××
0000	×××基金管理有限公司	×××××××证券投资基金	2023-08-21	××× ××
0000	×××基金管理有限公司	×××××××证券投资基金	2023-08-21	××× ××
0000	×××基金管理有限公司	×××××××证券投资基金	2023-08-21	××× ××
0000	×××基金管理有限公司	×××××××证券投资基金	2023-08-21	××× ××
0000	×××基金管理有限公司	×××××××证券投资基金	2023-08-21	××× ××
0000	×××基金管理有限公司	×××××××证券投资基金	2023-08-21	××× ××
0000	×××基金管理有限公司	×××××××证券投资基金	2023-08-21	××× ××
0000	×××基金管理有限公司	×××××××证券投资基金	2023-08-21	××× ××
0000	×××基金管理有限公司	×××××××证券投资基金	2023-08-21	××× ××
0000	×××基金管理有限公司	×××××××证券投资基金	2023-08-21	××× ××
0000	×××基金管理有限公司	×××××××证券投资基金	2023-08-21	××× ××
0000	×××基金管理有限公司	×××××××证券投资基金	2023-08-21	××× ××
0000	×××基金管理有限公司	×××××××证券投资基金	2023-08-21	××× ××
0000	×××基金管理有限公司	×××××××证券投资基金	2023-08-21	××× ××
0000	×××基金管理有限公司	×××××××证券投资基金	2023-08-21	××× ××
0000	×××基金管理有限公司	×××××××证券投资基金	2023-08-21	××× ××
0000	×××基金管理有限公司	×××××××证券投资基金	2023-08-21	××× ××
0000	×××基金管理有限公司	×××××××证券投资基金	2023-08-21	××× ××
0000	×××基金管理有限公司	×××××××证券投资基金	2023-08-21	××× ××
0000	×××基金管理有限公司	×××××××证券投资基金	2023-08-21	××× ××
0000	×××基金管理有限公司	×××××××证券投资基金	2023-08-21	××× ××
0000	×××基金管理有限公司	×××××××证券投资基金	2023-08-21	××× ××
0000	×××基金管理有限公司	×××××××证券投资基金	2023-08-21	××× ××
0000	×××基金管理有限公司	×××××××证券投资基金	2023-08-21	××× ××
0000	×××基金管理有限公司	×××××××证券投资基金	2023-08-21	××× ××
0000	×××基金管理有限公司	×××××××证券投资基金	2023-08-21	××× ××
0000	×××基金管理有限公司	×××××××证券投资基金	2023-08-21	××× ××
0000	×××基金管理有限公司	×××××××证券投资基金	2023-08-21	××× ××
0000	×××基金管理有限公司	×××××××证券投资基金	2023-08-21	××× ××
（下转A63版）
